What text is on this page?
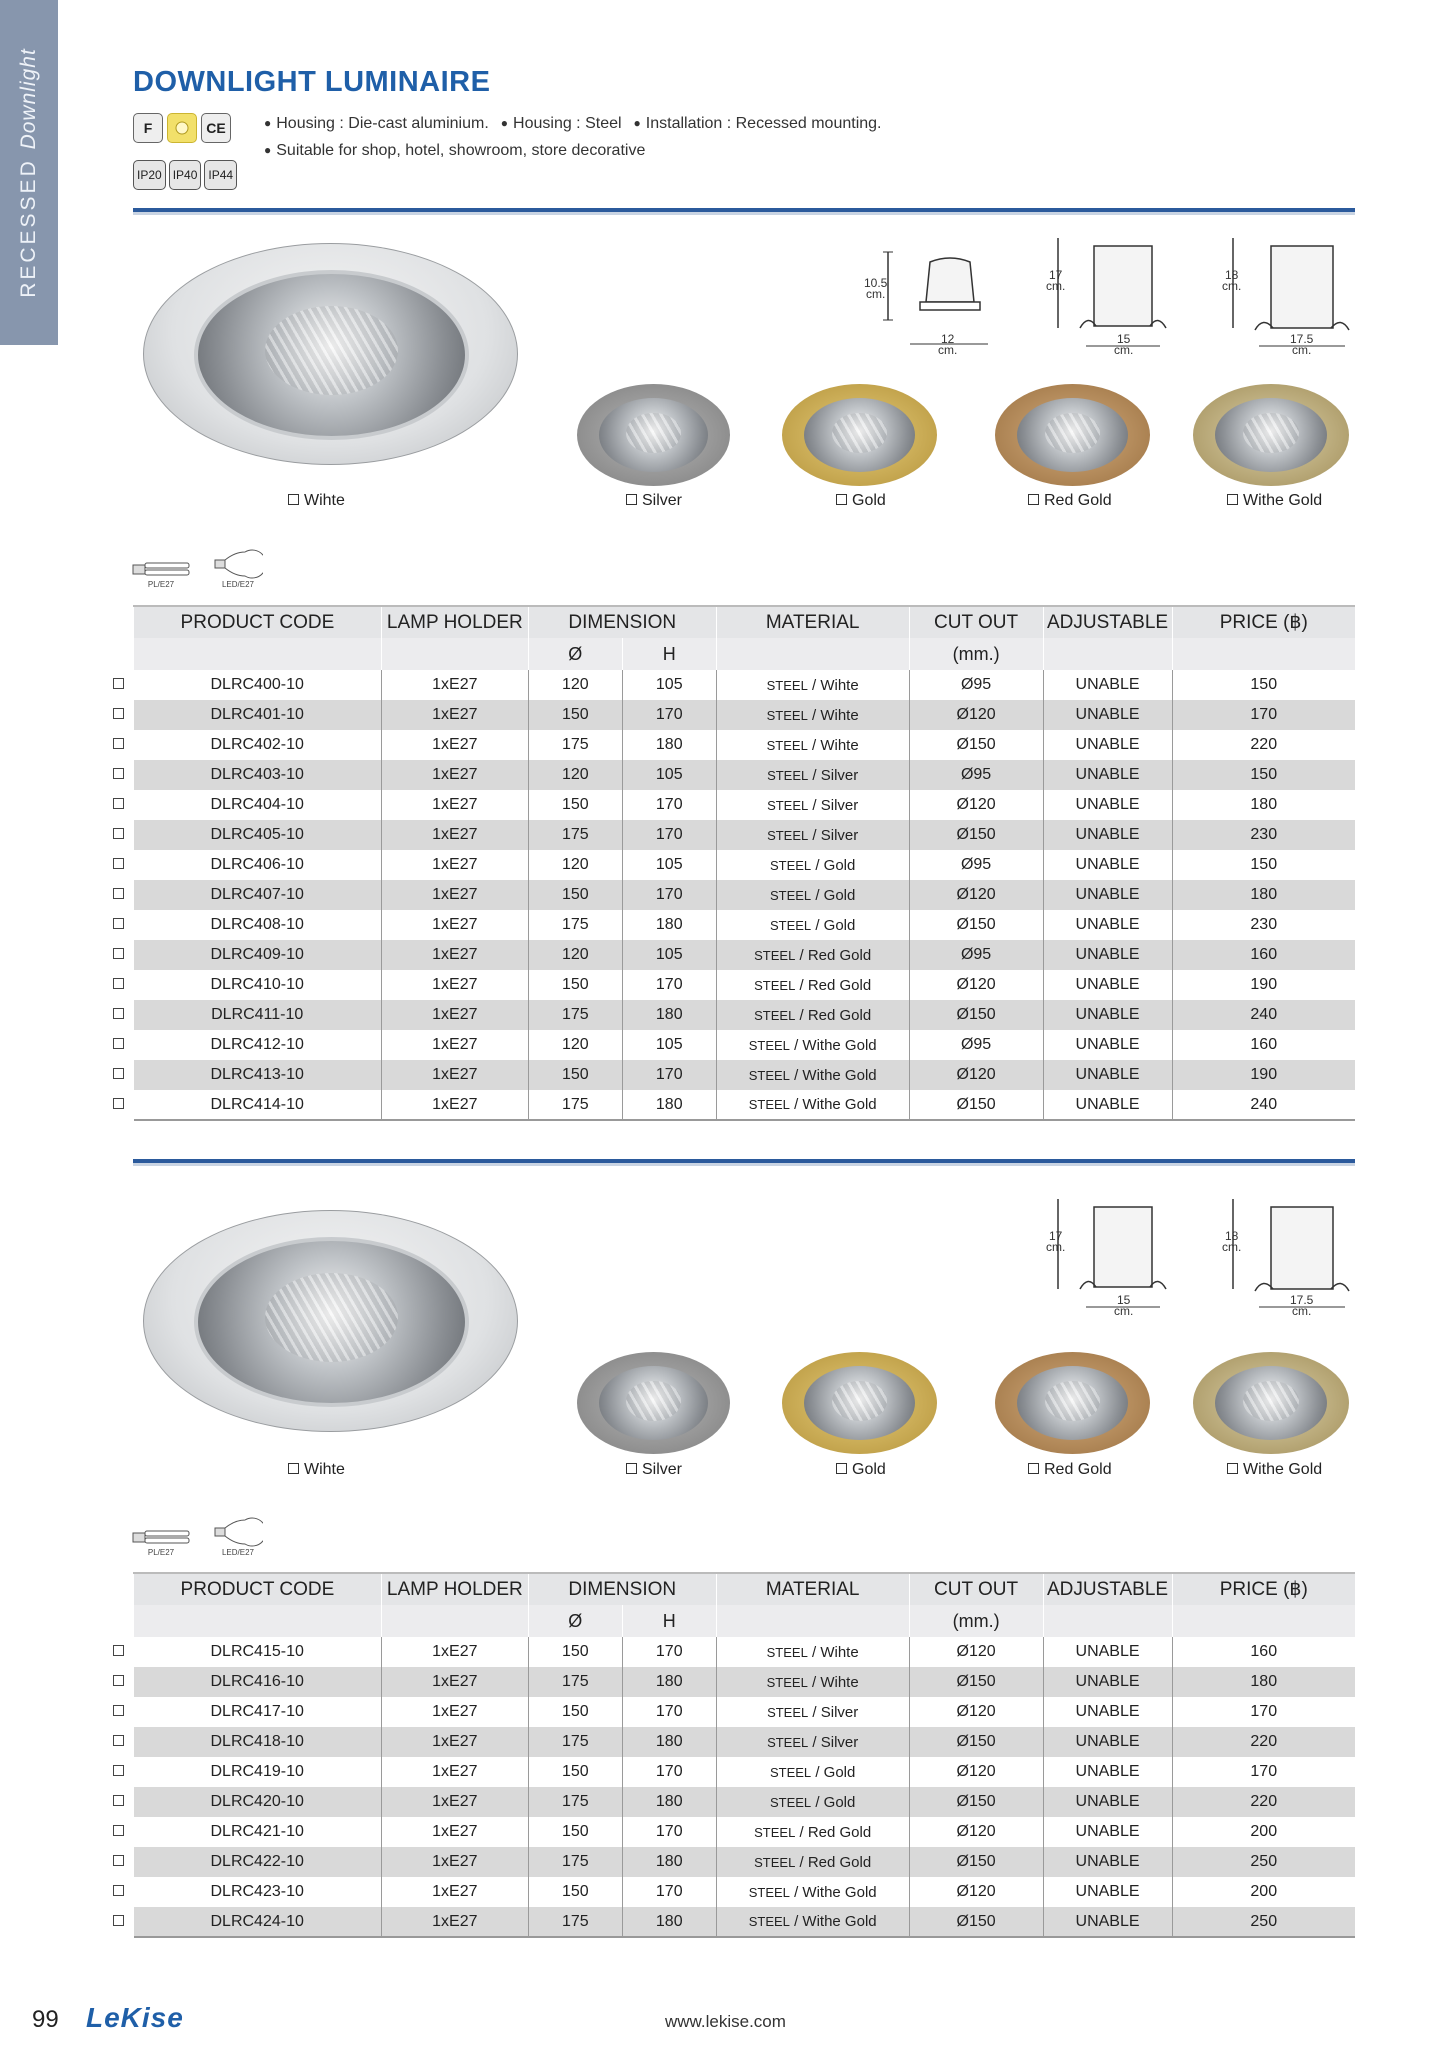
RECESSED Downlight	DOWNLIGHT LUMINAIRE
F	CE
IP20 IP40 IP44
● Housing : Die-cast aluminium. ● Housing : Steel ● Installation : Recessed mounting.
● Suitable for shop, hotel, showroom, store decorative
10.5
cm.
12
cm.
17
cm.
15
cm.
18
cm.
17.5
cm.
Wihte	Silver	Gold	Red Gold	Withe Gold
PL/E27	LED/E27
PRODUCT CODE	LAMP HOLDER	DIMENSION		MATERIAL	CUT OUT	ADJUSTABLE	PRICE (฿)
		Ø	H		(mm.)		
DLRC400-10	1xE27	120	105	STEEL / Wihte	Ø95	UNABLE	150
DLRC401-10	1xE27	150	170	STEEL / Wihte	Ø120	UNABLE	170
DLRC402-10	1xE27	175	180	STEEL / Wihte	Ø150	UNABLE	220
DLRC403-10	1xE27	120	105	STEEL / Silver	Ø95	UNABLE	150
DLRC404-10	1xE27	150	170	STEEL / Silver	Ø120	UNABLE	180
DLRC405-10	1xE27	175	170	STEEL / Silver	Ø150	UNABLE	230
DLRC406-10	1xE27	120	105	STEEL / Gold	Ø95	UNABLE	150
DLRC407-10	1xE27	150	170	STEEL / Gold	Ø120	UNABLE	180
DLRC408-10	1xE27	175	180	STEEL / Gold	Ø150	UNABLE	230
DLRC409-10	1xE27	120	105	STEEL / Red Gold	Ø95	UNABLE	160
DLRC410-10	1xE27	150	170	STEEL / Red Gold	Ø120	UNABLE	190
DLRC411-10	1xE27	175	180	STEEL / Red Gold	Ø150	UNABLE	240
DLRC412-10	1xE27	120	105	STEEL / Withe Gold	Ø95	UNABLE	160
DLRC413-10	1xE27	150	170	STEEL / Withe Gold	Ø120	UNABLE	190
DLRC414-10	1xE27	175	180	STEEL / Withe Gold	Ø150	UNABLE	240
17
cm.
15
cm.
18
cm.
17.5
cm.
Wihte	Silver	Gold	Red Gold	Withe Gold
PL/E27	LED/E27
PRODUCT CODE	LAMP HOLDER	DIMENSION		MATERIAL	CUT OUT	ADJUSTABLE	PRICE (฿)
		Ø	H		(mm.)		
DLRC415-10	1xE27	150	170	STEEL / Wihte	Ø120	UNABLE	160
DLRC416-10	1xE27	175	180	STEEL / Wihte	Ø150	UNABLE	180
DLRC417-10	1xE27	150	170	STEEL / Silver	Ø120	UNABLE	170
DLRC418-10	1xE27	175	180	STEEL / Silver	Ø150	UNABLE	220
DLRC419-10	1xE27	150	170	STEEL / Gold	Ø120	UNABLE	170
DLRC420-10	1xE27	175	180	STEEL / Gold	Ø150	UNABLE	220
DLRC421-10	1xE27	150	170	STEEL / Red Gold	Ø120	UNABLE	200
DLRC422-10	1xE27	175	180	STEEL / Red Gold	Ø150	UNABLE	250
DLRC423-10	1xE27	150	170	STEEL / Withe Gold	Ø120	UNABLE	200
DLRC424-10	1xE27	175	180	STEEL / Withe Gold	Ø150	UNABLE	250
99 LeKise	www.lekise.com
